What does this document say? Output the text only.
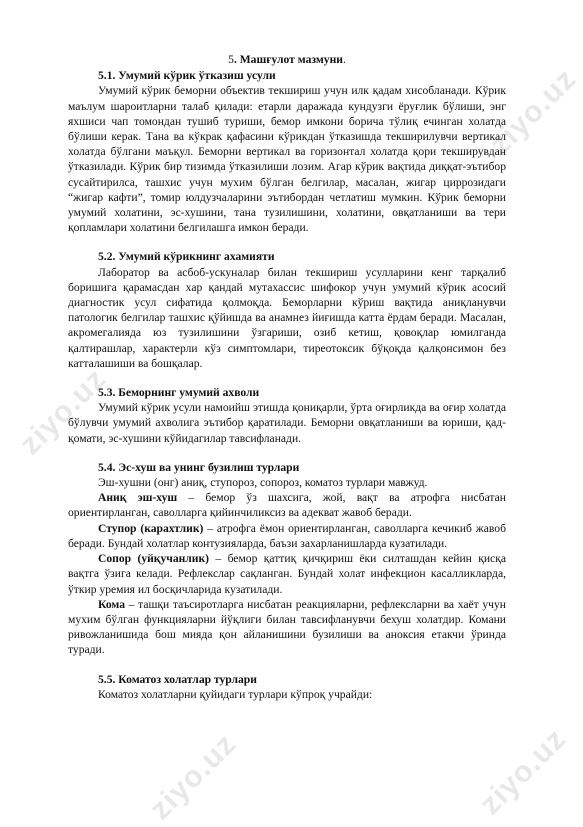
ziyo.uz
ziyo.uz
ziyo.uz	ziyo.uz
5. Машғулот мазмуни.
5.1. Умумий кўрик ўтказиш усули

Умумий кўрик беморни объектив текшириш учун илк қадам хисобланади. Кўрик маълум шароитларни талаб қилади: етарли даражада кундузги ёруғлик бўлиши, энг яхшиси чап томондан тушиб туриши, бемор имкони борича тўлиқ ечинган холатда бўлиши керак. Тана ва кўкрак қафасини кўрикдан ўтказишда текширилувчи вертикал холатда бўлгани маъқул. Беморни вертикал ва горизонтал холатда қори текширувдан ўтказилади. Кўрик бир тизимда ўтказилиши лозим. Агар кўрик вақтида диққат-эътибор сусайтирилса, ташхис учун мухим бўлган белгилар, масалан, жигар циррозидаги “жигар кафти”, томир юлдузчаларини эътибордан четлатиш мумкин. Кўрик беморни умумий холатини, эс-хушини, тана тузилишини, холатини, овқатланиши ва тери қопламлари холатини белгилашга имкон беради.

5.2. Умумий кўрикнинг ахамияти

Лаборатор ва асбоб-ускуналар билан текшириш усулларини кенг тарқалиб боришига қарамасдан хар қандай мутахассис шифокор учун умумий кўрик асосий диагностик усул сифатида қолмоқда. Беморларни кўриш вақтида аниқланувчи патологик белгилар ташхис қўйишда ва анамнез йиғишда катта ёрдам беради. Масалан, акромегалияда юз тузилишини ўзгариши, озиб кетиш, қовоқлар юмилганда қалтирашлар, характерли кўз симптомлари, тиреотоксик бўқоқда қалқонсимон без катталашиши ва бошқалар.

5.3. Беморнинг умумий ахволи

Умумий кўрик усули намоийш этишда қониқарли, ўрта оғирликда ва оғир холатда бўлувчи умумий ахволига эътибор қаратилади. Беморни овқатланиши ва юриши, қад-қомати, эс-хушини кўйидагилар тавсифланади.

5.4. Эс-хуш ва унинг бузилиш турлари

Эш-хушни (онг) аниқ, ступороз, сопороз, коматоз турлари мавжуд.

Аниқ эш-хуш – бемор ўз шахсига, жой, вақт ва атрофга нисбатан ориентирланган, саволларга қийинчиликсиз ва адекват жавоб беради.

Ступор (карахтлик) – атрофга ёмон ориентирланган, саволларга кечикиб жавоб беради. Бундай холатлар контузияларда, баъзи захарланишларда кузатилади.

Сопор (уйқучанлик) – бемор қаттиқ қичқириш ёки силташдан кейин қисқа вақтга ўзига келади. Рефлекслар сақланган. Бундай холат инфекцион касалликларда, ўткир уремия ил босқичларида кузатилади.

Кома – ташқи таъсиротларга нисбатан реакцияларни, рефлексларни ва хаёт учун мухим бўлган функцияларни йўқлиги билан тавсифланувчи бехуш холатдир. Комани ривожланишида бош мияда қон айланишини бузилиши ва аноксия етакчи ўринда туради.

5.5. Коматоз холатлар турлари

Коматоз холатларни қуйидаги турлари кўпроқ учрайди:
